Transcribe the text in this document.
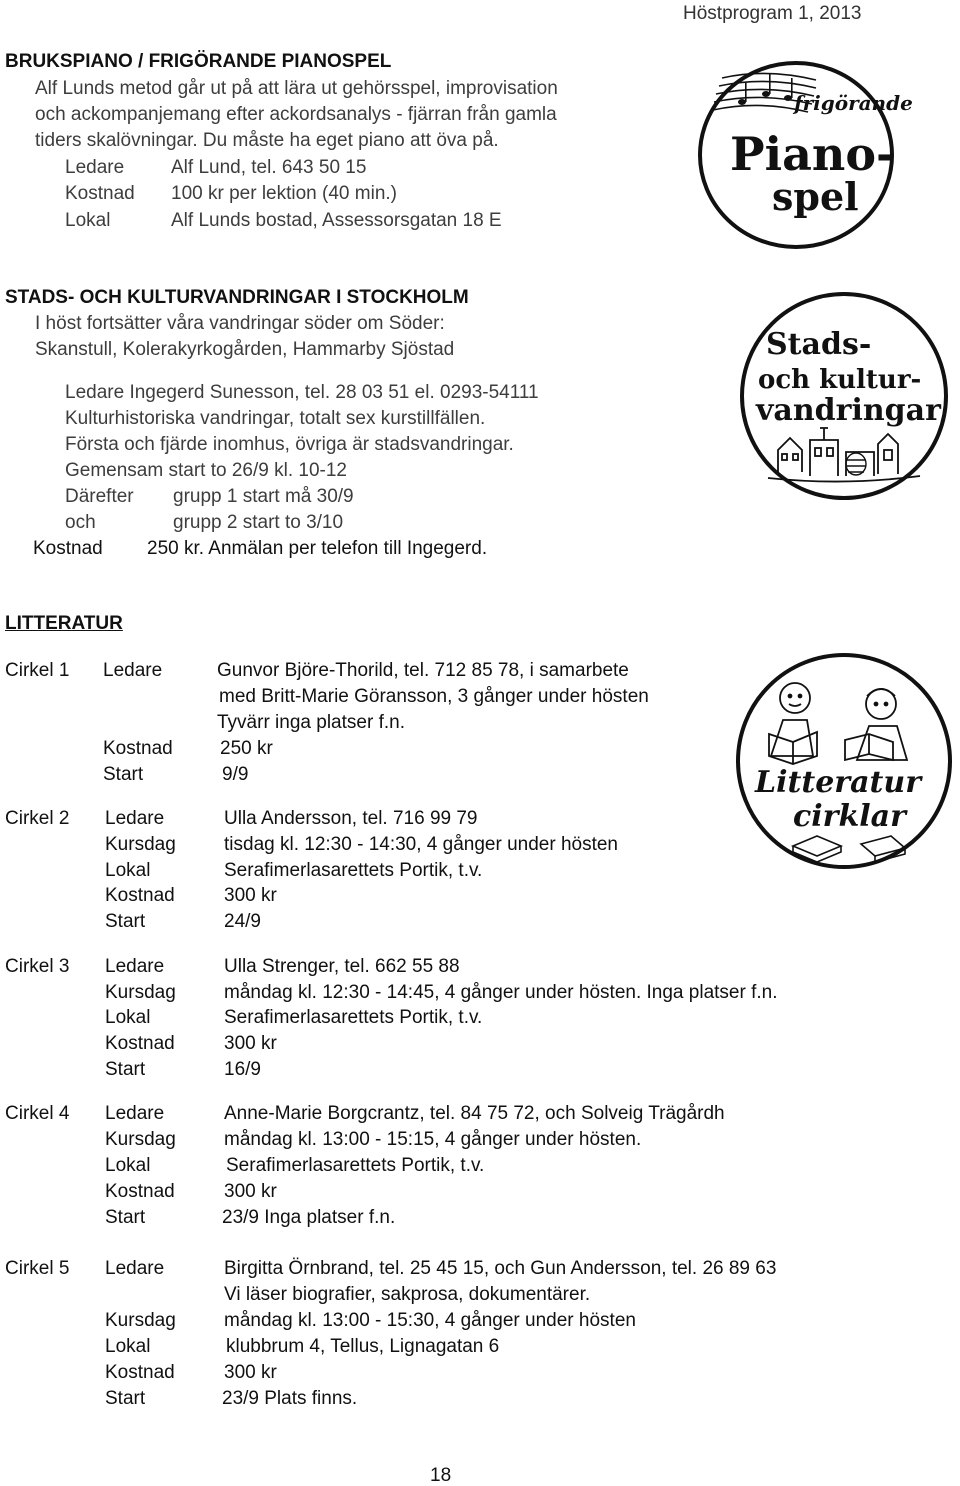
Höstprogram 1, 2013
BRUKSPIANO / FRIGÖRANDE PIANOSPEL
Alf Lunds metod går ut på att lära ut gehörsspel, improvisation
och ackompanjemang efter ackordsanalys - fjärran från gamla
tiders skalövningar. Du måste ha eget piano att öva på.
Ledare Alf Lund, tel. 643 50 15
Kostnad 100 kr per lektion (40 min.)
Lokal	Alf Lunds bostad, Assessorsgatan 18 E
frigörande
Piano-
spel
STADS- OCH KULTURVANDRINGAR I STOCKHOLM
I höst fortsätter våra vandringar söder om Söder:
Skanstull, Kolerakyrkogården, Hammarby Sjöstad
Ledare Ingegerd Sunesson, tel. 28 03 51 el. 0293-54111
Kulturhistoriska vandringar, totalt sex kurstillfällen.
Första och fjärde inomhus, övriga är stadsvandringar.
Gemensam start to 26/9 kl. 10-12
Därefter grupp 1 start må 30/9
och	grupp 2 start to 3/10
Kostnad 250 kr. Anmälan per telefon till Ingegerd.
Stads-
och kultur-
vandringar
LITTERATUR
Litteratur
cirklar
Cirkel 1 Ledare	Gunvor Björe-Thorild, tel. 712 85 78, i samarbete
med Britt-Marie Göransson, 3 gånger under hösten
Tyvärr inga platser f.n.
Kostnad 250 kr
Start	9/9
Cirkel 2 Ledare	Ulla Andersson, tel. 716 99 79
Kursdag	tisdag kl. 12:30 - 14:30, 4 gånger under hösten
Lokal	Serafimerlasarettets Portik, t.v.
Kostnad	300 kr
Start	24/9
Cirkel 3 Ledare	Ulla Strenger, tel. 662 55 88
Kursdag	måndag kl. 12:30 - 14:45, 4 gånger under hösten. Inga platser f.n.
Lokal	Serafimerlasarettets Portik, t.v.
Kostnad	300 kr
Start	16/9
Cirkel 4 Ledare	Anne-Marie Borgcrantz, tel. 84 75 72, och Solveig Trägårdh
Kursdag	måndag kl. 13:00 - 15:15, 4 gånger under hösten.
Lokal	Serafimerlasarettets Portik, t.v.
Kostnad	300 kr
Start	23/9 Inga platser f.n.
Cirkel 5 Ledare	Birgitta Örnbrand, tel. 25 45 15, och Gun Andersson, tel. 26 89 63
Vi läser biografier, sakprosa, dokumentärer.
Kursdag	måndag kl. 13:00 - 15:30, 4 gånger under hösten
Lokal	klubbrum 4, Tellus, Lignagatan 6
Kostnad	300 kr
Start	23/9 Plats finns.
18
